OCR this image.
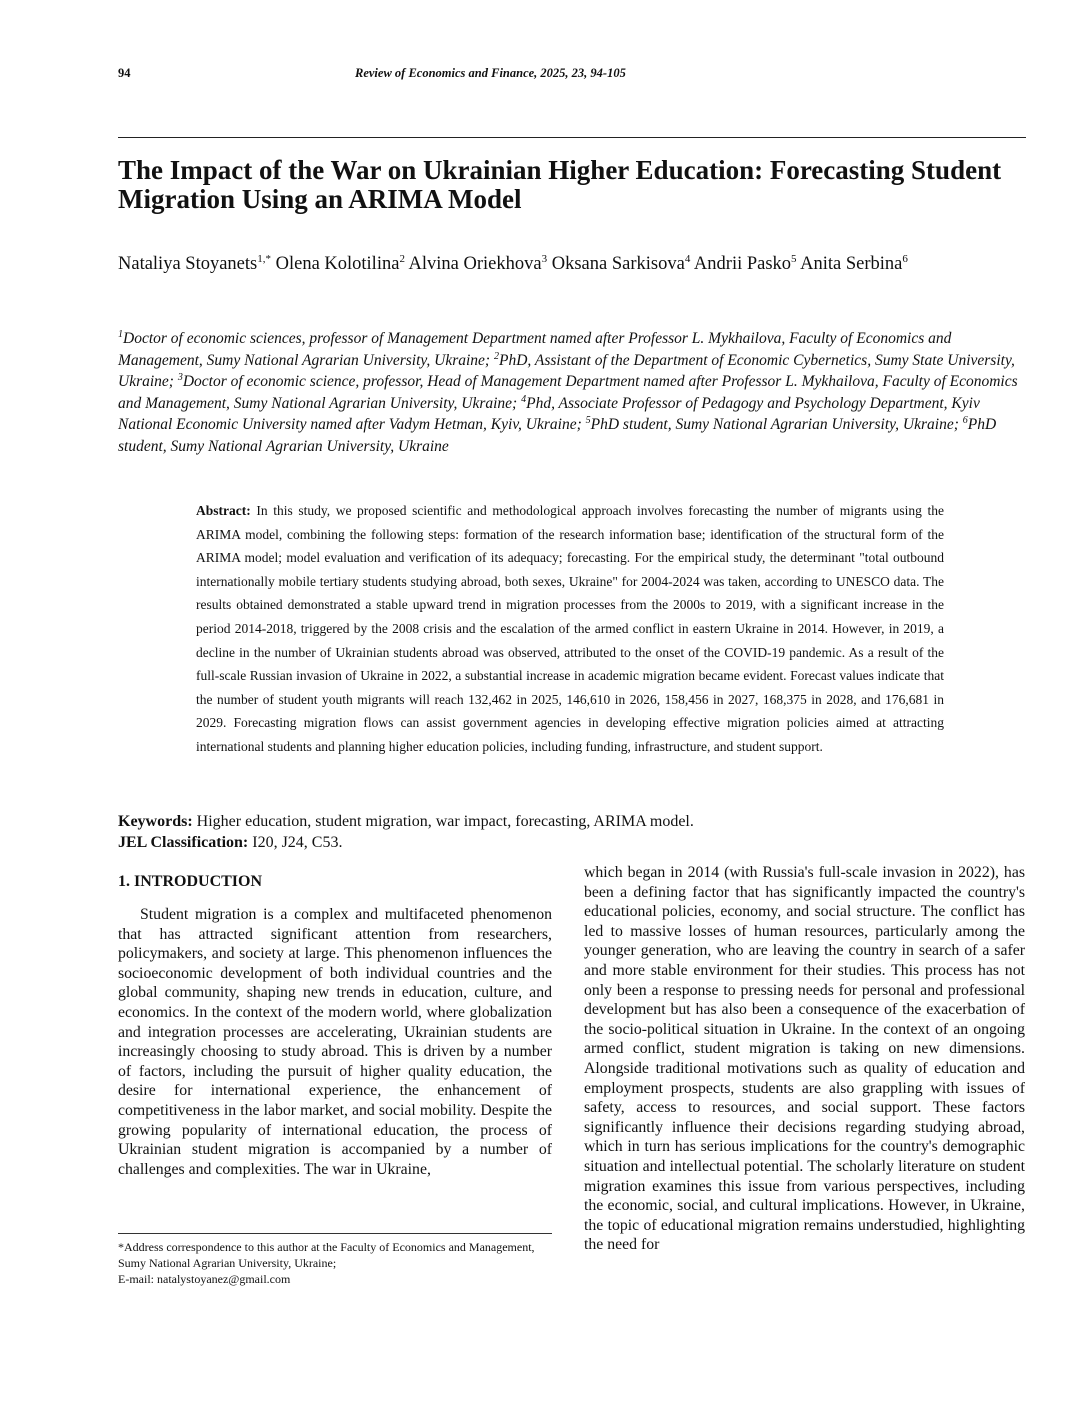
94	Review of Economics and Finance, 2025, 23, 94-105
The Impact of the War on Ukrainian Higher Education: Forecasting Student Migration Using an ARIMA Model
Nataliya Stoyanets$^{1,*}$ Olena Kolotilina$^2$ Alvina Oriekhova$^3$ Oksana Sarkisova$^4$ Andrii Pasko$^5$ Anita Serbina$^6$
$^1$Doctor of economic sciences, professor of Management Department named after Professor L. Mykhailova, Faculty of Economics and Management, Sumy National Agrarian University, Ukraine; $^2$PhD, Assistant of the Department of Economic Cybernetics, Sumy State University, Ukraine; $^3$Doctor of economic science, professor, Head of Management Department named after Professor L. Mykhailova, Faculty of Economics and Management, Sumy National Agrarian University, Ukraine; $^4$Phd, Associate Professor of Pedagogy and Psychology Department, Kyiv National Economic University named after Vadym Hetman, Kyiv, Ukraine; $^5$PhD student, Sumy National Agrarian University, Ukraine; $^6$PhD student, Sumy National Agrarian University, Ukraine
Abstract: In this study, we proposed scientific and methodological approach involves forecasting the number of migrants using the ARIMA model, combining the following steps: formation of the research information base; identification of the structural form of the ARIMA model; model evaluation and verification of its adequacy; forecasting. For the empirical study, the determinant "total outbound internationally mobile tertiary students studying abroad, both sexes, Ukraine" for 2004-2024 was taken, according to UNESCO data. The results obtained demonstrated a stable upward trend in migration processes from the 2000s to 2019, with a significant increase in the period 2014-2018, triggered by the 2008 crisis and the escalation of the armed conflict in eastern Ukraine in 2014. However, in 2019, a decline in the number of Ukrainian students abroad was observed, attributed to the onset of the COVID-19 pandemic. As a result of the full-scale Russian invasion of Ukraine in 2022, a substantial increase in academic migration became evident. Forecast values indicate that the number of student youth migrants will reach 132,462 in 2025, 146,610 in 2026, 158,456 in 2027, 168,375 in 2028, and 176,681 in 2029. Forecasting migration flows can assist government agencies in developing effective migration policies aimed at attracting international students and planning higher education policies, including funding, infrastructure, and student support.
Keywords: Higher education, student migration, war impact, forecasting, ARIMA model.
JEL Classification: I20, J24, C53.
1. INTRODUCTION
Student migration is a complex and multifaceted phenomenon that has attracted significant attention from researchers, policymakers, and society at large. This phenomenon influences the socioeconomic development of both individual countries and the global community, shaping new trends in education, culture, and economics. In the context of the modern world, where globalization and integration processes are accelerating, Ukrainian students are increasingly choosing to study abroad. This is driven by a number of factors, including the pursuit of higher quality education, the desire for international experience, the enhancement of competitiveness in the labor market, and social mobility. Despite the growing popularity of international education, the process of Ukrainian student migration is accompanied by a number of challenges and complexities. The war in Ukraine,
which began in 2014 (with Russia's full-scale invasion in 2022), has been a defining factor that has significantly impacted the country's educational policies, economy, and social structure. The conflict has led to massive losses of human resources, particularly among the younger generation, who are leaving the country in search of a safer and more stable environment for their studies. This process has not only been a response to pressing needs for personal and professional development but has also been a consequence of the exacerbation of the socio-political situation in Ukraine. In the context of an ongoing armed conflict, student migration is taking on new dimensions. Alongside traditional motivations such as quality of education and employment prospects, students are also grappling with issues of safety, access to resources, and social support. These factors significantly influence their decisions regarding studying abroad, which in turn has serious implications for the country's demographic situation and intellectual potential. The scholarly literature on student migration examines this issue from various perspectives, including the economic, social, and cultural implications. However, in Ukraine, the topic of educational migration remains understudied, highlighting the need for
*Address correspondence to this author at the Faculty of Economics and Management, Sumy National Agrarian University, Ukraine;
E-mail: natalystoyanez@gmail.com
